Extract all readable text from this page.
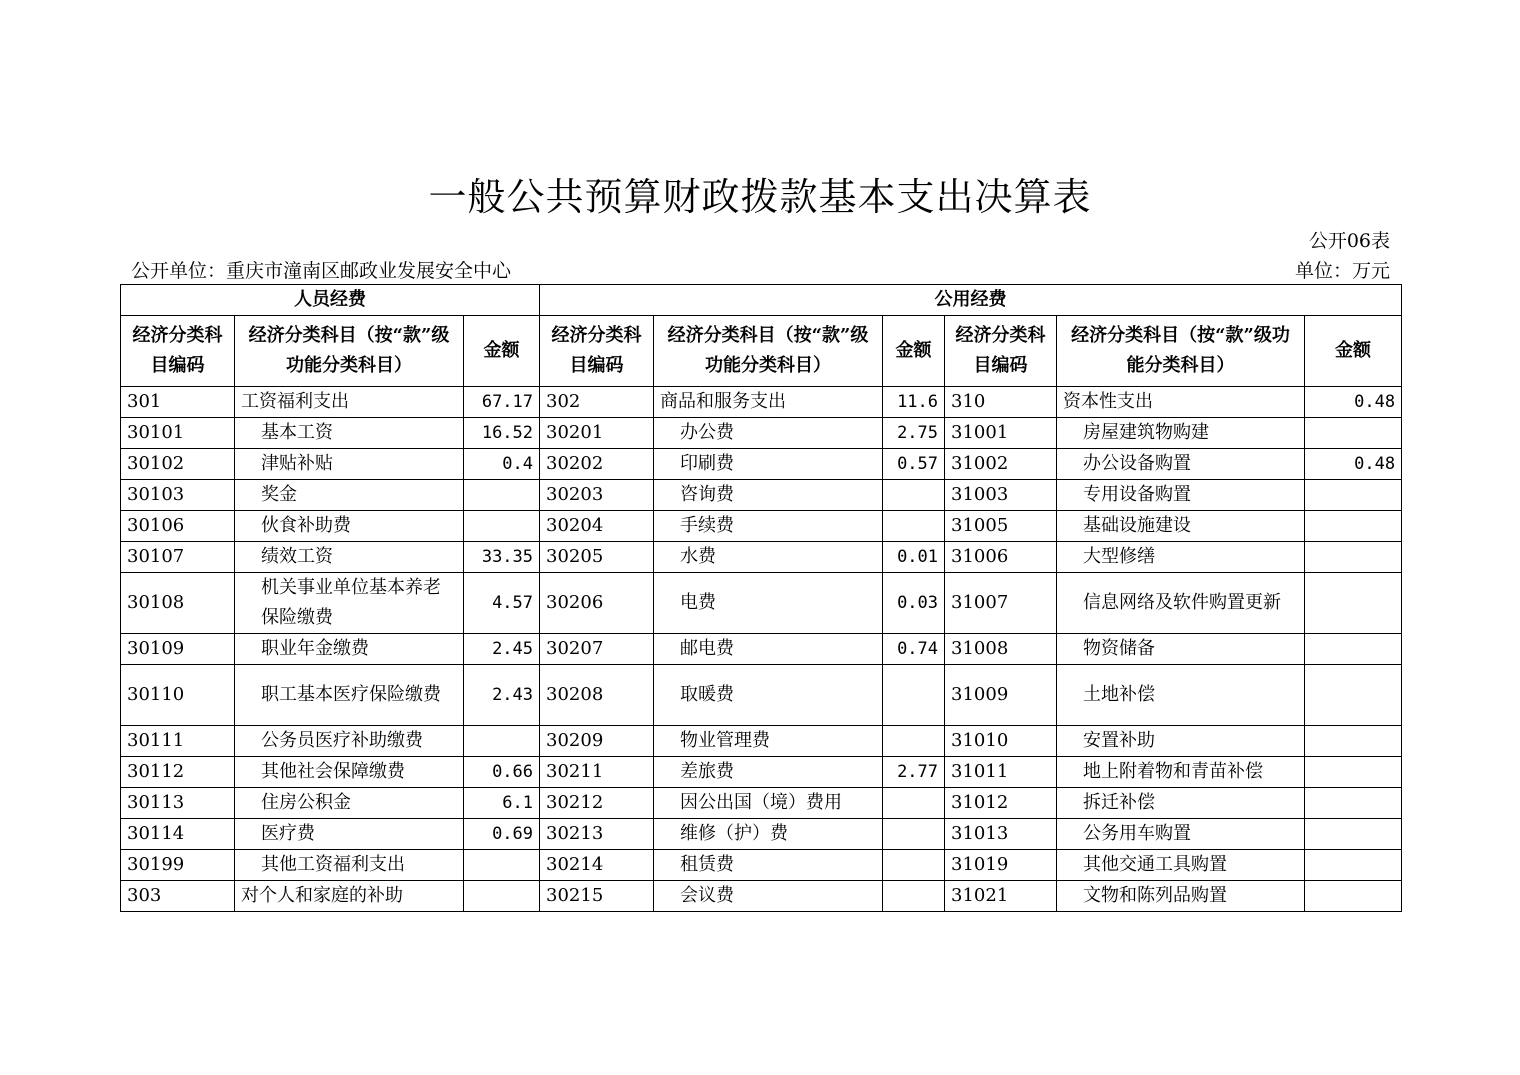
一般公共预算财政拨款基本支出决算表
公开06表
公开单位：重庆市潼南区邮政业发展安全中心	单位：万元
人员经费			公用经费					
经济分类科目编码	经济分类科目（按“款”级功能分类科目）	金额	经济分类科目编码	经济分类科目（按“款”级功能分类科目）	金额	经济分类科目编码	经济分类科目（按“款”级功能分类科目）	金额
301	工资福利支出	67.17	302	商品和服务支出	11.6	310	资本性支出	0.48
30101	基本工资	16.52	30201	办公费	2.75	31001	房屋建筑物购建	
30102	津贴补贴	0.4	30202	印刷费	0.57	31002	办公设备购置	0.48
30103	奖金		30203	咨询费		31003	专用设备购置	
30106	伙食补助费		30204	手续费		31005	基础设施建设	
30107	绩效工资	33.35	30205	水费	0.01	31006	大型修缮	
30108	机关事业单位基本养老保险缴费	4.57	30206	电费	0.03	31007	信息网络及软件购置更新	
30109	职业年金缴费	2.45	30207	邮电费	0.74	31008	物资储备	
30110	职工基本医疗保险缴费	2.43	30208	取暖费		31009	土地补偿	
30111	公务员医疗补助缴费		30209	物业管理费		31010	安置补助	
30112	其他社会保障缴费	0.66	30211	差旅费	2.77	31011	地上附着物和青苗补偿	
30113	住房公积金	6.1	30212	因公出国（境）费用		31012	拆迁补偿	
30114	医疗费	0.69	30213	维修（护）费		31013	公务用车购置	
30199	其他工资福利支出		30214	租赁费		31019	其他交通工具购置	
303	对个人和家庭的补助		30215	会议费		31021	文物和陈列品购置	
